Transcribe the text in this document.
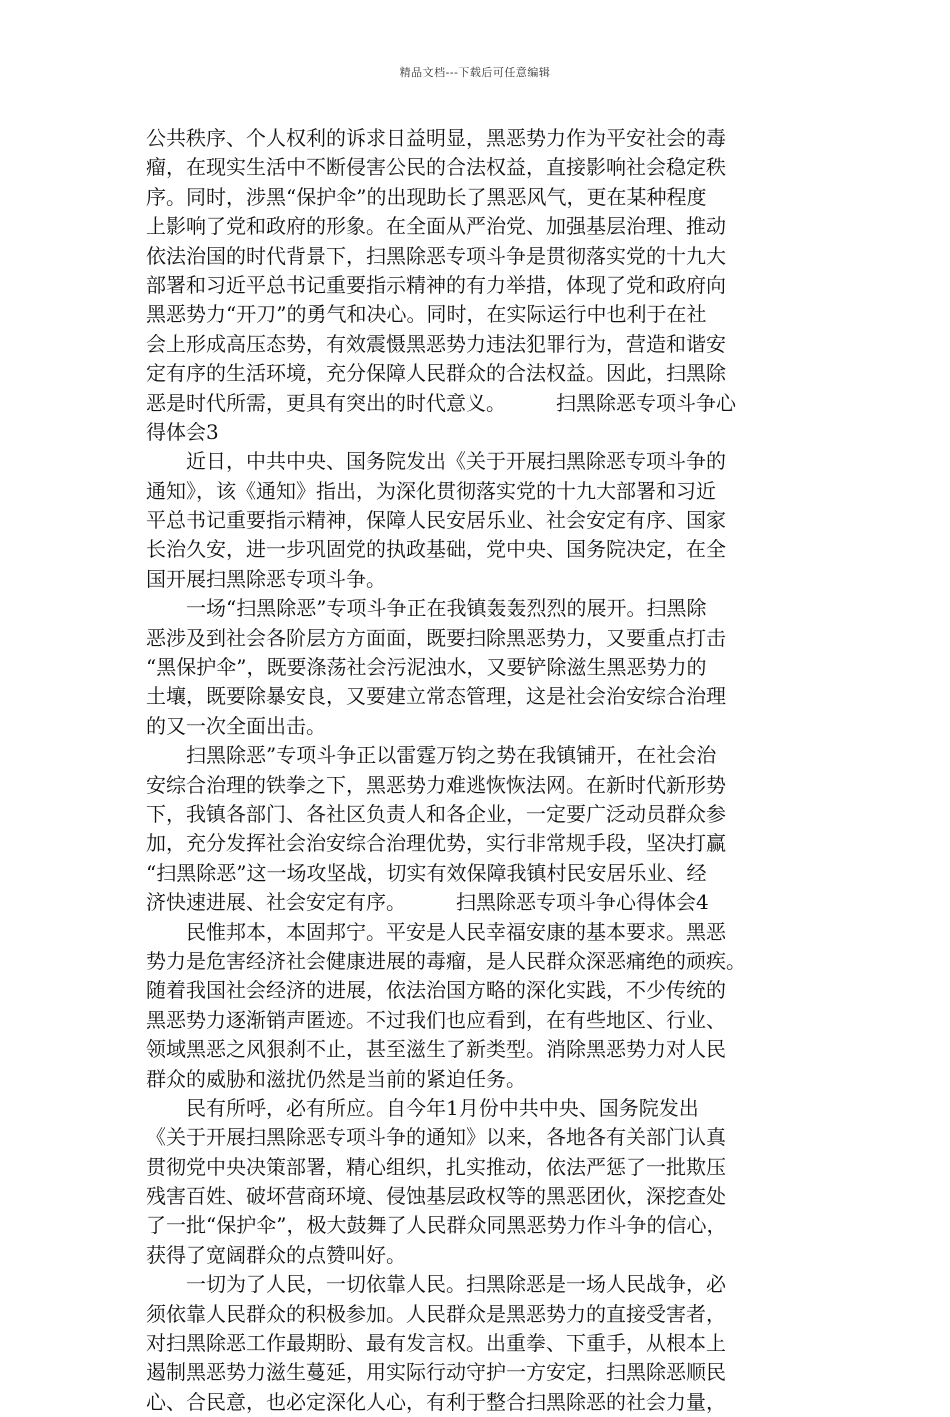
精品文档---下载后可任意编辑
公共秩序、个人权利的诉求日益明显，黑恶势力作为平安社会的毒
瘤，在现实生活中不断侵害公民的合法权益，直接影响社会稳定秩
序。同时，涉黑“保护伞”的出现助长了黑恶风气，更在某种程度
上影响了党和政府的形象。在全面从严治党、加强基层治理、推动
依法治国的时代背景下，扫黑除恶专项斗争是贯彻落实党的十九大
部署和习近平总书记重要指示精神的有力举措，体现了党和政府向
黑恶势力“开刀”的勇气和决心。同时，在实际运行中也利于在社
会上形成高压态势，有效震慑黑恶势力违法犯罪行为，营造和谐安
定有序的生活环境，充分保障人民群众的合法权益。因此，扫黑除
恶是时代所需，更具有突出的时代意义。　　　扫黑除恶专项斗争心
得体会3
　　近日，中共中央、国务院发出《关于开展扫黑除恶专项斗争的
通知》，该《通知》指出，为深化贯彻落实党的十九大部署和习近
平总书记重要指示精神，保障人民安居乐业、社会安定有序、国家
长治久安，进一步巩固党的执政基础，党中央、国务院决定，在全
国开展扫黑除恶专项斗争。
　　一场“扫黑除恶”专项斗争正在我镇轰轰烈烈的展开。扫黑除
恶涉及到社会各阶层方方面面，既要扫除黑恶势力，又要重点打击
“黑保护伞”，既要涤荡社会污泥浊水，又要铲除滋生黑恶势力的
土壤，既要除暴安良，又要建立常态管理，这是社会治安综合治理
的又一次全面出击。
　　扫黑除恶”专项斗争正以雷霆万钧之势在我镇铺开，在社会治
安综合治理的铁拳之下，黑恶势力难逃恢恢法网。在新时代新形势
下，我镇各部门、各社区负责人和各企业，一定要广泛动员群众参
加，充分发挥社会治安综合治理优势，实行非常规手段，坚决打赢
“扫黑除恶”这一场攻坚战，切实有效保障我镇村民安居乐业、经
济快速进展、社会安定有序。　　　扫黑除恶专项斗争心得体会4
　　民惟邦本，本固邦宁。平安是人民幸福安康的基本要求。黑恶
势力是危害经济社会健康进展的毒瘤，是人民群众深恶痛绝的顽疾。
随着我国社会经济的进展，依法治国方略的深化实践，不少传统的
黑恶势力逐渐销声匿迹。不过我们也应看到，在有些地区、行业、
领域黑恶之风狠刹不止，甚至滋生了新类型。消除黑恶势力对人民
群众的威胁和滋扰仍然是当前的紧迫任务。
　　民有所呼，必有所应。自今年1月份中共中央、国务院发出
《关于开展扫黑除恶专项斗争的通知》以来，各地各有关部门认真
贯彻党中央决策部署，精心组织，扎实推动，依法严惩了一批欺压
残害百姓、破坏营商环境、侵蚀基层政权等的黑恶团伙，深挖查处
了一批“保护伞”，极大鼓舞了人民群众同黑恶势力作斗争的信心，
获得了宽阔群众的点赞叫好。
　　一切为了人民，一切依靠人民。扫黑除恶是一场人民战争，必
须依靠人民群众的积极参加。人民群众是黑恶势力的直接受害者，
对扫黑除恶工作最期盼、最有发言权。出重拳、下重手，从根本上
遏制黑恶势力滋生蔓延，用实际行动守护一方安定，扫黑除恶顺民
心、合民意，也必定深化人心，有利于整合扫黑除恶的社会力量，
